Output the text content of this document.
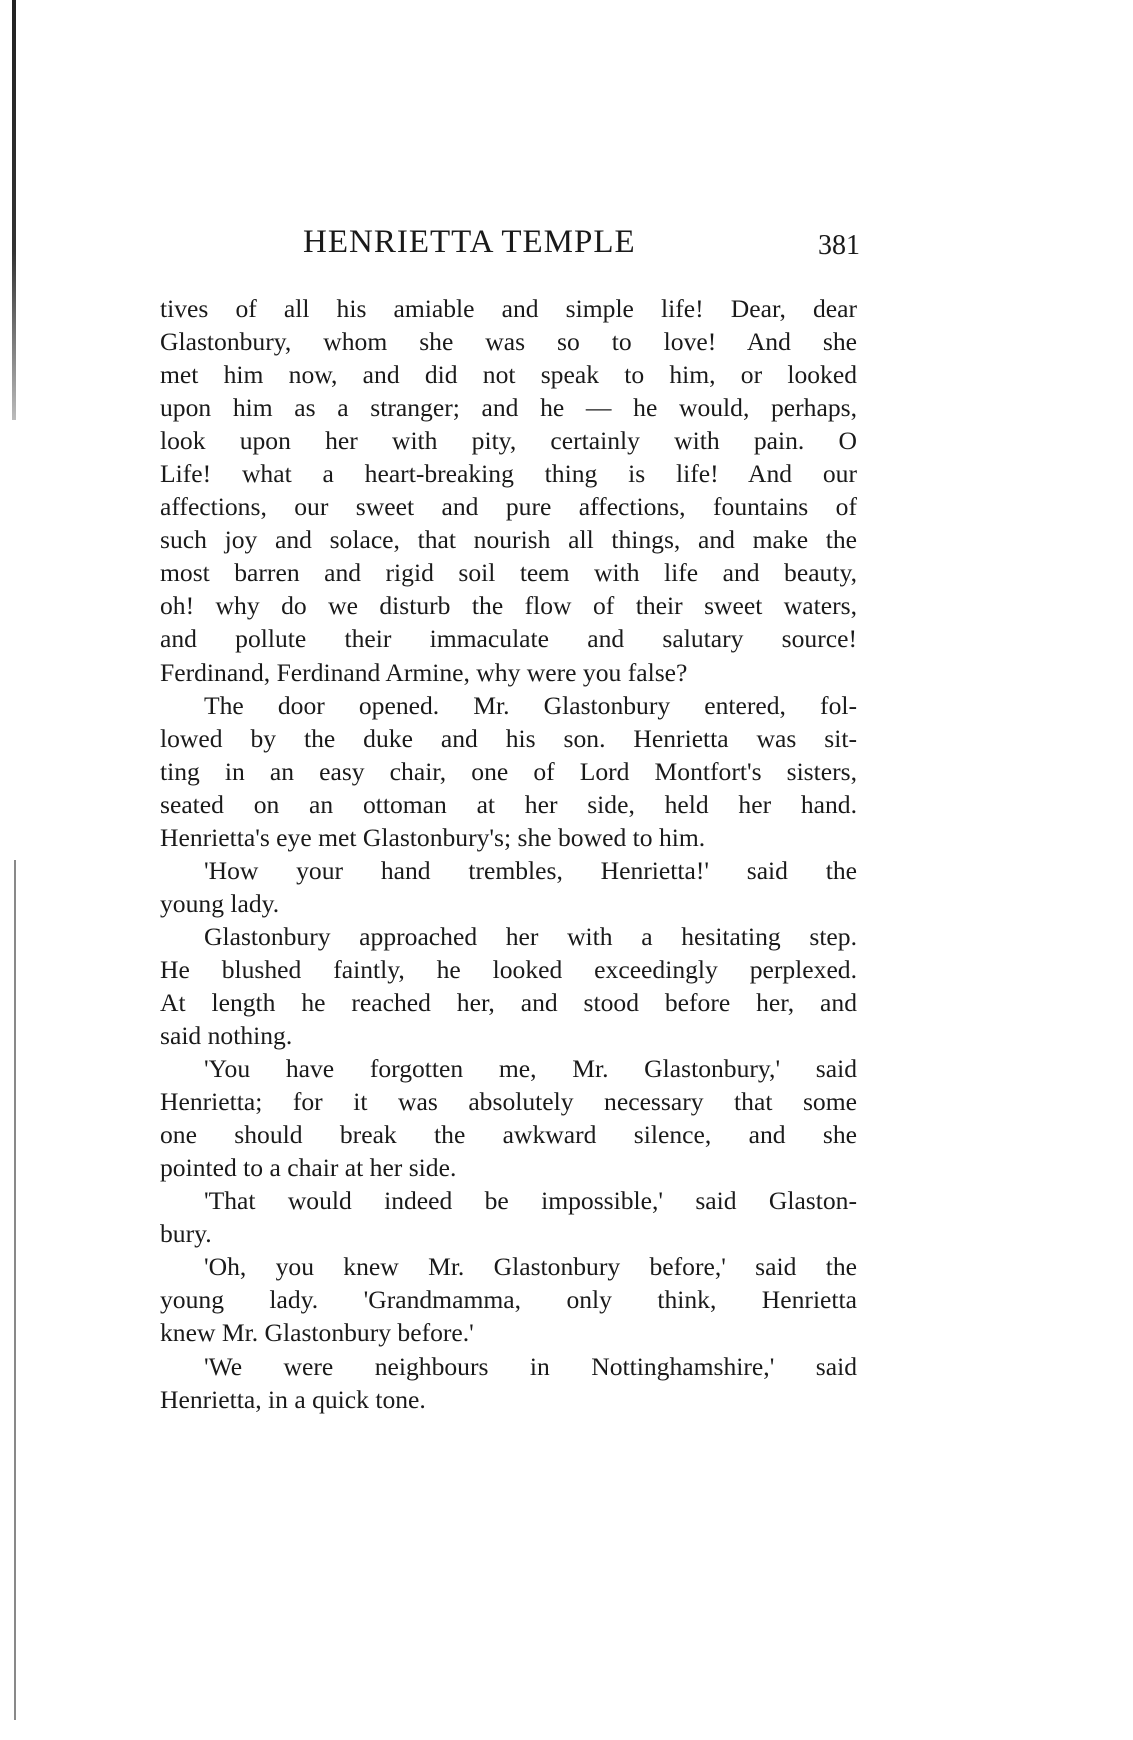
HENRIETTA TEMPLE	381
tives of all his amiable and simple life! Dear, dear
Glastonbury, whom she was so to love! And she
met him now, and did not speak to him, or looked
upon him as a stranger; and he — he would, perhaps,
look upon her with pity, certainly with pain. O
Life! what a heart-breaking thing is life! And our
affections, our sweet and pure affections, fountains of
such joy and solace, that nourish all things, and make the
most barren and rigid soil teem with life and beauty,
oh! why do we disturb the flow of their sweet waters,
and pollute their immaculate and salutary source!
Ferdinand, Ferdinand Armine, why were you false?
The door opened. Mr. Glastonbury entered, fol-
lowed by the duke and his son. Henrietta was sit-
ting in an easy chair, one of Lord Montfort's sisters,
seated on an ottoman at her side, held her hand.
Henrietta's eye met Glastonbury's; she bowed to him.
'How your hand trembles, Henrietta!' said the
young lady.
Glastonbury approached her with a hesitating step.
He blushed faintly, he looked exceedingly perplexed.
At length he reached her, and stood before her, and
said nothing.
'You have forgotten me, Mr. Glastonbury,' said
Henrietta; for it was absolutely necessary that some
one should break the awkward silence, and she
pointed to a chair at her side.
'That would indeed be impossible,' said Glaston-
bury.
'Oh, you knew Mr. Glastonbury before,' said the
young lady. 'Grandmamma, only think, Henrietta
knew Mr. Glastonbury before.'
'We were neighbours in Nottinghamshire,' said
Henrietta, in a quick tone.
